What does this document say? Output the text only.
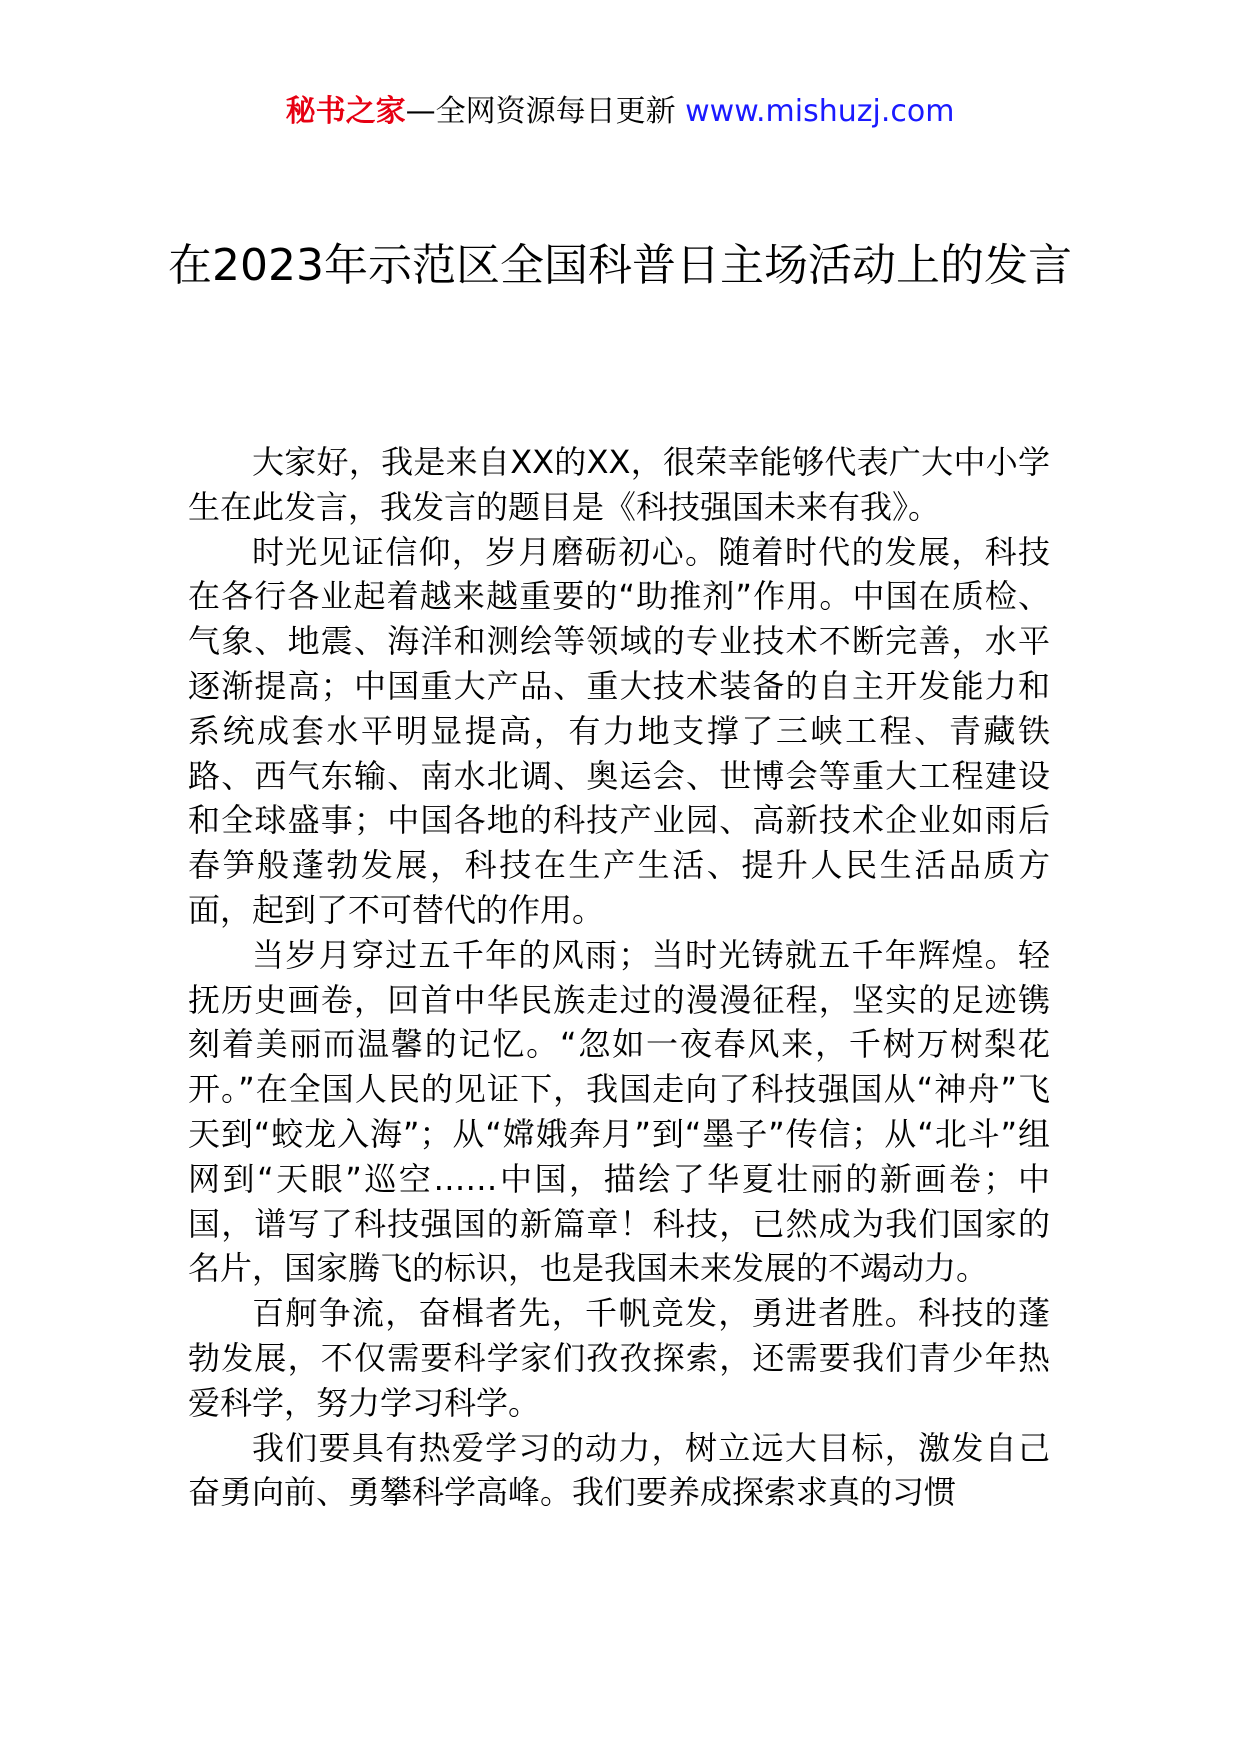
秘书之家—全网资源每日更新 www.mishuzj.com
在2023年示范区全国科普日主场活动上的发言

大家好，我是来自XX的XX，很荣幸能够代表广大中小学生在此发言，我发言的题目是《科技强国未来有我》。

时光见证信仰，岁月磨砺初心。随着时代的发展，科技在各行各业起着越来越重要的“助推剂”作用。中国在质检、气象、地震、海洋和测绘等领域的专业技术不断完善，水平逐渐提高；中国重大产品、重大技术装备的自主开发能力和系统成套水平明显提高，有力地支撑了三峡工程、青藏铁路、西气东输、南水北调、奥运会、世博会等重大工程建设和全球盛事；中国各地的科技产业园、高新技术企业如雨后春笋般蓬勃发展，科技在生产生活、提升人民生活品质方面，起到了不可替代的作用。

当岁月穿过五千年的风雨；当时光铸就五千年辉煌。轻抚历史画卷，回首中华民族走过的漫漫征程，坚实的足迹镌刻着美丽而温馨的记忆。“忽如一夜春风来，千树万树梨花开。”在全国人民的见证下，我国走向了科技强国从“神舟”飞天到“蛟龙入海”；从“嫦娥奔月”到“墨子”传信；从“北斗”组网到“天眼”巡空……中国，描绘了华夏壮丽的新画卷；中国，谱写了科技强国的新篇章！科技，已然成为我们国家的名片，国家腾飞的标识，也是我国未来发展的不竭动力。

百舸争流，奋楫者先，千帆竞发，勇进者胜。科技的蓬勃发展，不仅需要科学家们孜孜探索，还需要我们青少年热爱科学，努力学习科学。

我们要具有热爱学习的动力，树立远大目标，激发自己奋勇向前、勇攀科学高峰。我们要养成探索求真的习惯
